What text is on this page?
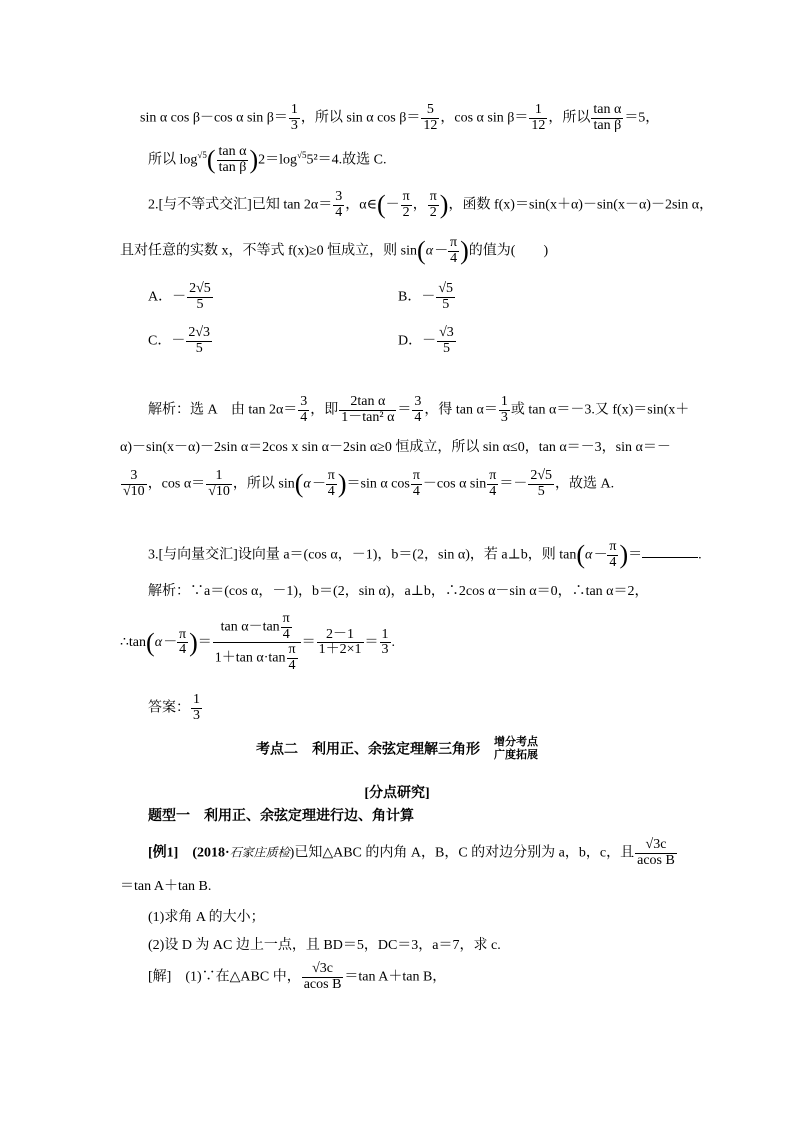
sin α cos β－cos α $\sin \beta= \frac{1}{3}$ ，所以 sin α $\cos \beta= \frac{5}{12}$ ，cos α $\sin \beta= \frac{1}{12}$ ，所以 $\frac{\text{tan α}}{\text{tan β}} =5$，
所以 $\log^{√5}( \frac{\text{tan α}}{\text{tan β}} )2=\log^{√5}5^2=4$.故选 C.
2.[与不等式交汇]已知 $\tan 2\alpha= \frac{3}{4}$ ，α∈(－ $\frac{\pi}{2}$ ， $\frac{\pi}{2}$ )，函数 f(x)＝sin(x＋α)－sin(x－α)－2sin α，
且对任意的实数 x，不等式 f(x)≥0 恒成立，则 $\sin(\alpha- \frac{\pi}{4}$ )的值为(　　)
A．－ $\frac{2√5}{5}$	B．－ $\frac{√5}{5}$
C．－ $\frac{2√3}{5}$	D．－ $\frac{√3}{5}$
解析：选 A　由 $\tan 2\alpha= \frac{3}{4}$ ，即 $\frac{\text{2tan α}}{\text{1－tan² α}} = \frac{3}{4}$ ，得 $\tan \alpha= \frac{1}{3}$ 或 tan α＝－3.又 f(x)＝sin(x＋
α)－sin(x－α)－2sin α＝2cos x sin α－2sin α≥0 恒成立，所以 sin α≤0，tan α＝－3，sin α＝－
$\frac{3}{√10}$ ，$\cos \alpha= \frac{1}{√10}$ ，所以 $\sin(\alpha- \frac{\pi}{4} )=\sin$ α $\cos \frac{\pi}{4} -\cos$ α $\sin \frac{\pi}{4} =- \frac{2√5}{5}$ ，故选 A.
3.[与向量交汇]设向量 a＝(cos α，－1)，b＝(2，sin α)，若 a⊥b，则 $\tan(\alpha- \frac{\pi}{4}$ )＝	.
解析：∵a＝(cos α，－1)，b＝(2，sin α)，a⊥b，∴2cos α－sin α＝0，∴tan α＝2，
∴tan(α－ $\frac{\pi}{4}$ )＝ $\frac{\tan \alpha-\tan \frac{\pi}{4}}{1+\tan \alpha\cdot\tan \frac{\pi}{4}} = \frac{2-1}{1+2\times 1} = \frac{1}{3}$ .
答案： $\frac{1}{3}$
考点二　利用正、余弦定理解三角形增分考点
广度拓展
[分点研究]
题型一　利用正、余弦定理进行边、角计算
[例1]　(2018·石家庄质检)已知△ABC 的内角 A，B，C 的对边分别为 a，b，c，且 $\frac{√3c}{\text{acos B}}$
＝tan A＋tan B.
(1)求角 A 的大小；
(2)设 D 为 AC 边上一点，且 BD＝5，DC＝3，a＝7，求 c.
[解]　(1)∵在△ABC 中， $\frac{√3c}{\text{acos B}} =\tan$ A＋tan B，
